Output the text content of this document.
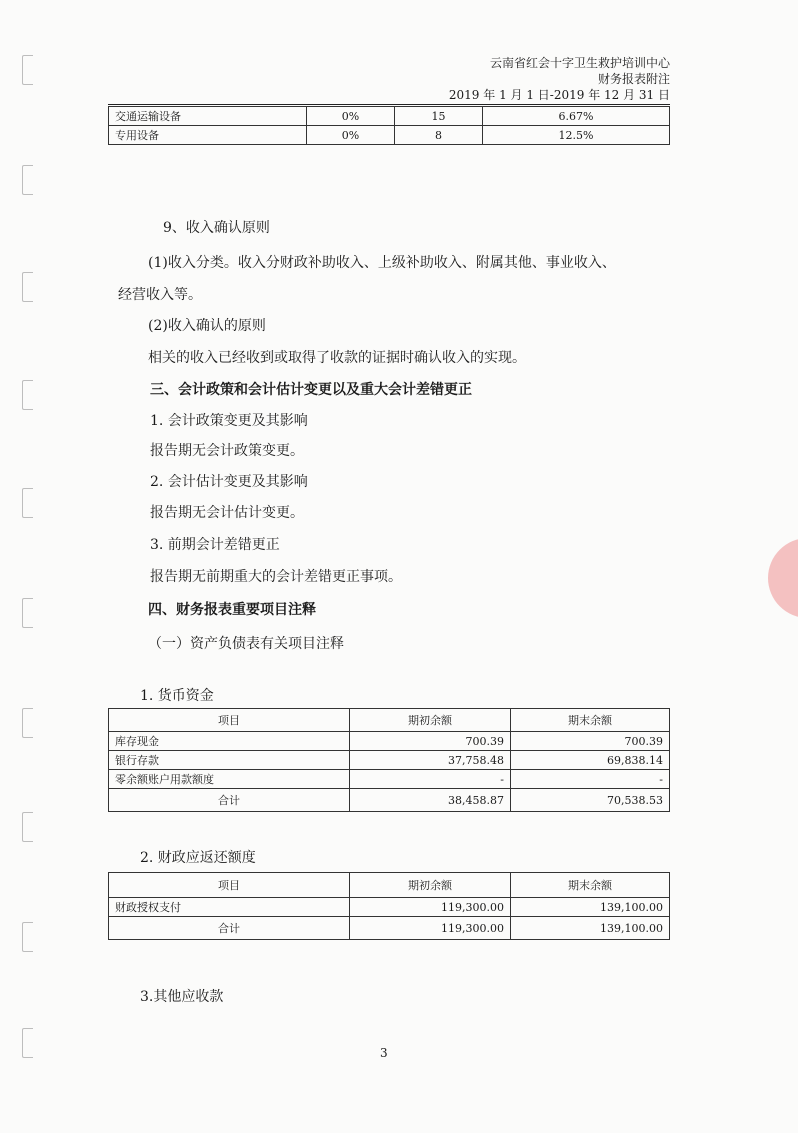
云南省红会十字卫生救护培训中心
财务报表附注
2019 年 1 月 1 日-2019 年 12 月 31 日
交通运输设备	0%	15	6.67%
专用设备	0%	8	12.5%
9、收入确认原则
(1)收入分类。收入分财政补助收入、上级补助收入、附属其他、事业收入、
经营收入等。
(2)收入确认的原则
相关的收入已经收到或取得了收款的证据时确认收入的实现。
三、会计政策和会计估计变更以及重大会计差错更正
1. 会计政策变更及其影响
报告期无会计政策变更。
2. 会计估计变更及其影响
报告期无会计估计变更。
3. 前期会计差错更正
报告期无前期重大的会计差错更正事项。
四、财务报表重要项目注释
（一）资产负债表有关项目注释
1. 货币资金
项目	期初余额	期末余额
库存现金	700.39	700.39
银行存款	37,758.48	69,838.14
零余额账户用款额度	-	-
合计	38,458.87	70,538.53
2. 财政应返还额度
项目	期初余额	期末余额
财政授权支付	119,300.00	139,100.00
合计	119,300.00	139,100.00
3.其他应收款
3
